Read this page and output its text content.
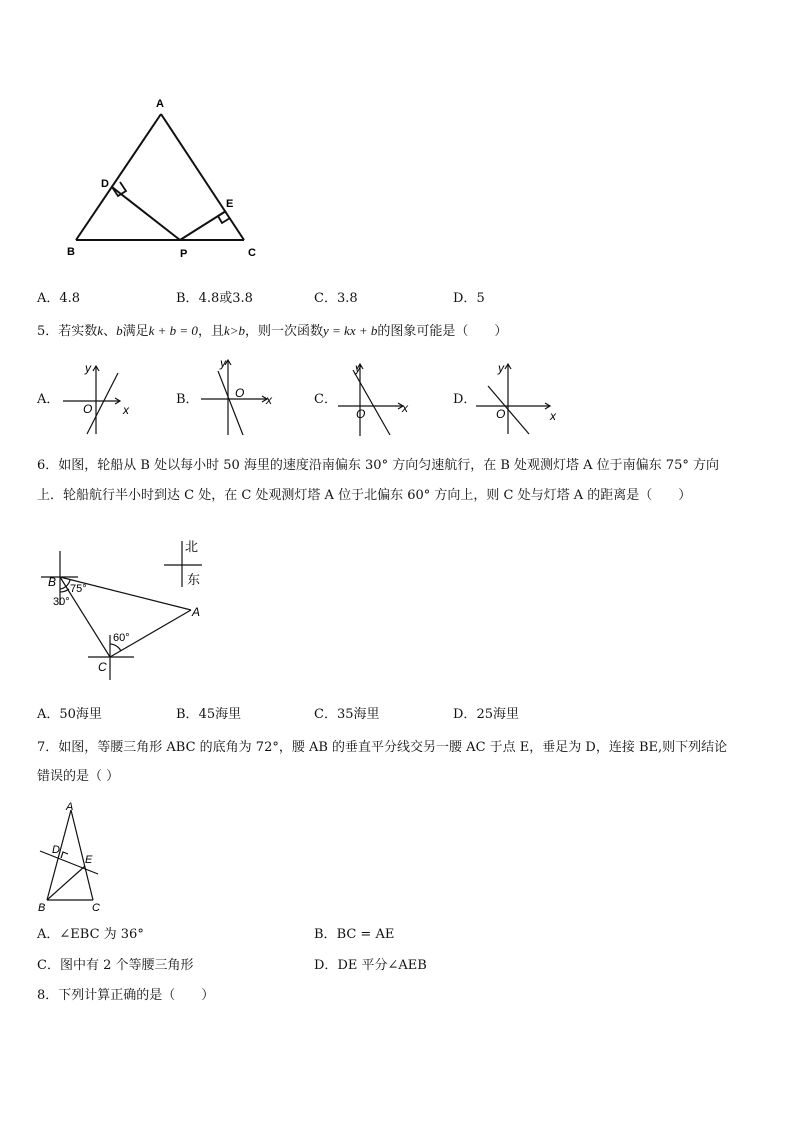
A
D
E
B	P	C
A．4.8	B．4.8或3.8	C．3.8	D．5
5．若实数k、b满足k + b = 0，且k>b，则一次函数y = kx + b的图象可能是（　　）
A．
y
O	x
B．
y
O x	C．
y
O	x
D．
y
O	x
6．如图，轮船从 B 处以每小时 50 海里的速度沿南偏东 30° 方向匀速航行，在 B 处观测灯塔 A 位于南偏东 75° 方向
上．轮船航行半小时到达 C 处，在 C 处观测灯塔 A 位于北偏东 60° 方向上，则 C 处与灯塔 A 的距离是（　　）
B 75°
30°
A
60°
C
北
东
A．50海里	B．45海里	C．35海里	D．25海里
7．如图，等腰三角形 ABC 的底角为 72°，腰 AB 的垂直平分线交另一腰 AC 于点 E，垂足为 D，连接 BE,则下列结论
错误的是（ ）
A
D
E
B	C
A．∠EBC 为 36°	B．BC = AE
C．图中有 2 个等腰三角形	D．DE 平分∠AEB
8．下列计算正确的是（　　）
